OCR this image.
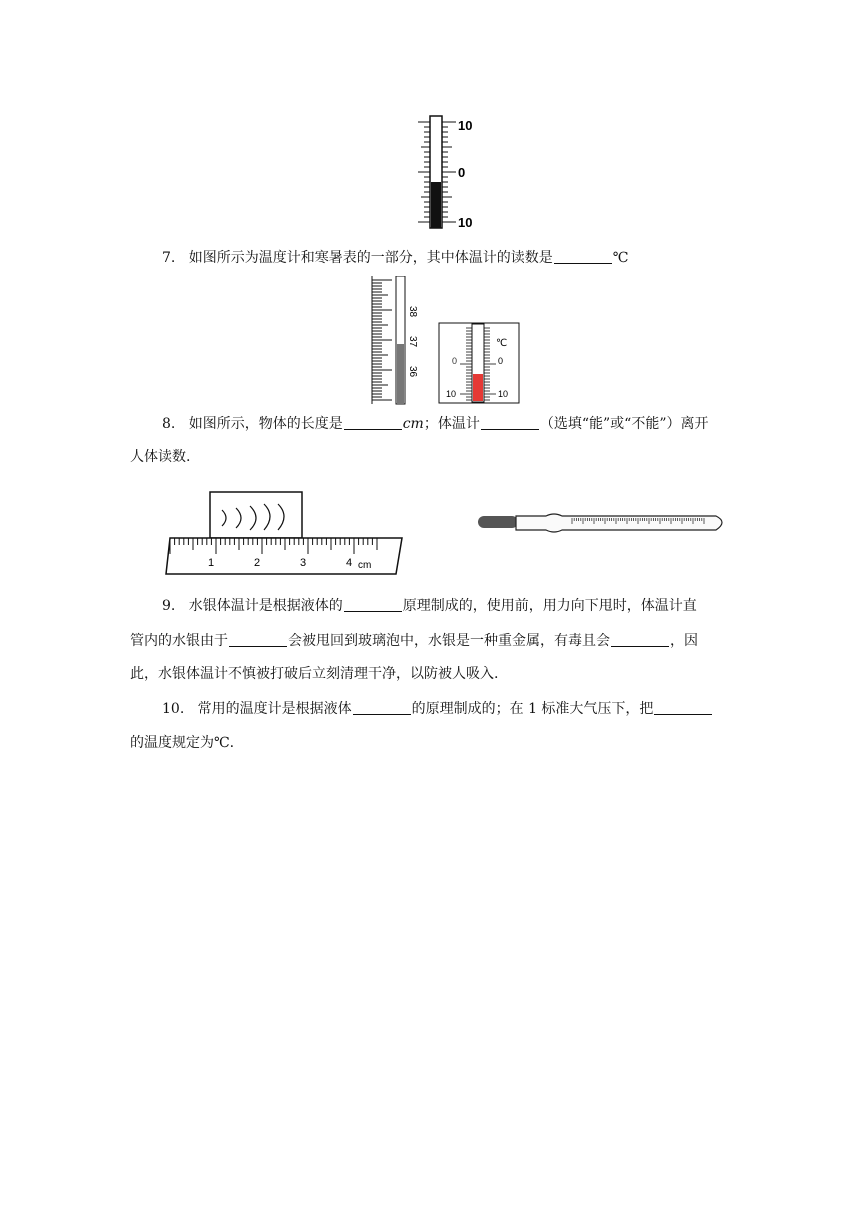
10
0
10
7. 如图所示为温度计和寒暑表的一部分，其中体温计的读数是	℃
38
37
36
℃
0	0
10	10
8. 如图所示，物体的长度是	cm；体温计	（选填“能”或“不能”）离开
人体读数.
1	2	3	4 cm
9. 水银体温计是根据液体的	原理制成的，使用前，用力向下甩时，体温计直
管内的水银由于	会被甩回到玻璃泡中，水银是一种重金属，有毒且会	，因
此，水银体温计不慎被打破后立刻清理干净，以防被人吸入.
10. 常用的温度计是根据液体	的原理制成的；在 1 标准大气压下，把
的温度规定为℃.
